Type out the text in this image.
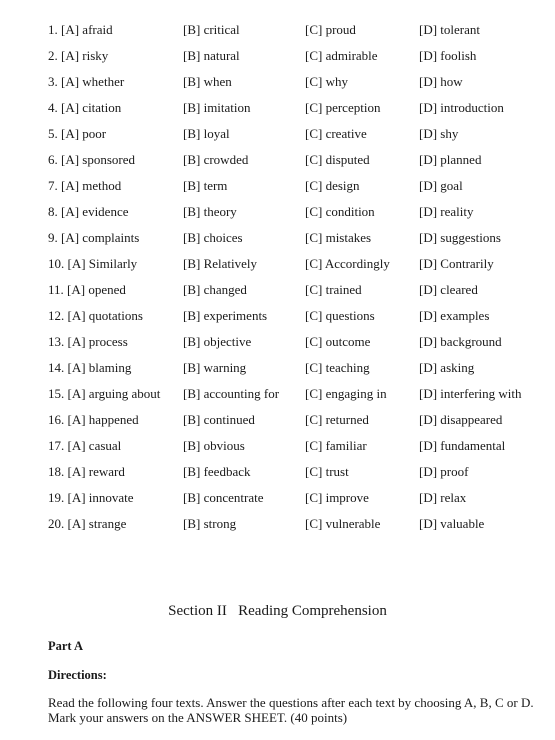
1. [A] afraid	[B] critical	[C] proud	[D] tolerant
2. [A] risky	[B] natural	[C] admirable	[D] foolish
3. [A] whether	[B] when	[C] why	[D] how
4. [A] citation	[B] imitation	[C] perception	[D] introduction
5. [A] poor	[B] loyal	[C] creative	[D] shy
6. [A] sponsored	[B] crowded	[C] disputed	[D] planned
7. [A] method	[B] term	[C] design	[D] goal
8. [A] evidence	[B] theory	[C] condition	[D] reality
9. [A] complaints	[B] choices	[C] mistakes	[D] suggestions
10. [A] Similarly	[B] Relatively	[C] Accordingly	[D] Contrarily
11. [A] opened	[B] changed	[C] trained	[D] cleared
12. [A] quotations	[B] experiments	[C] questions	[D] examples
13. [A] process	[B] objective	[C] outcome	[D] background
14. [A] blaming	[B] warning	[C] teaching	[D] asking
15. [A] arguing about	[B] accounting for	[C] engaging in	[D] interfering with
16. [A] happened	[B] continued	[C] returned	[D] disappeared
17. [A] casual	[B] obvious	[C] familiar	[D] fundamental
18. [A] reward	[B] feedback	[C] trust	[D] proof
19. [A] innovate	[B] concentrate	[C] improve	[D] relax
20. [A] strange	[B] strong	[C] vulnerable	[D] valuable
Section II   Reading Comprehension
Part A
Directions:
Read the following four texts. Answer the questions after each text by choosing A, B, C or D. Mark your answers on the ANSWER SHEET. (40 points)
